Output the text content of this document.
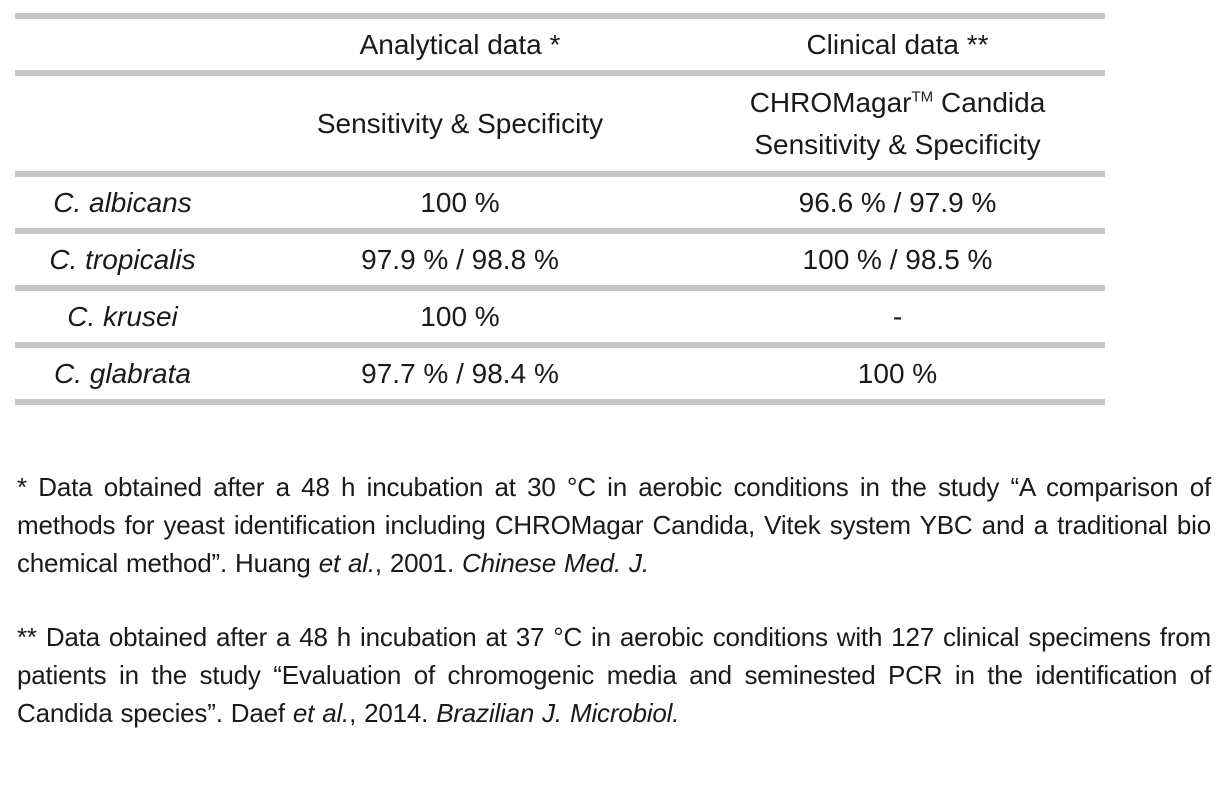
	Analytical data *	Clinical data **
	Sensitivity & Specificity	CHROMagar™ Candida
Sensitivity & Specificity

C. albicans	100 %	96.6 % / 97.9 %
C. tropicalis	97.9 % / 98.8 %	100 % / 98.5 %
C. krusei	100 %	-
C. glabrata	97.7 % / 98.4 %	100 %

* Data obtained after a 48 h incubation at 30 °C in aerobic conditions in the study “A comparison of methods for yeast identification including CHROMagar Candida, Vitek system YBC and a traditional bio chemical method”. Huang et al., 2001. Chinese Med. J.

** Data obtained after a 48 h incubation at 37 °C in aerobic conditions with 127 clinical specimens from patients in the study “Evaluation of chromogenic media and seminested PCR in the identification of Candida species”. Daef et al., 2014. Brazilian J. Microbiol.
